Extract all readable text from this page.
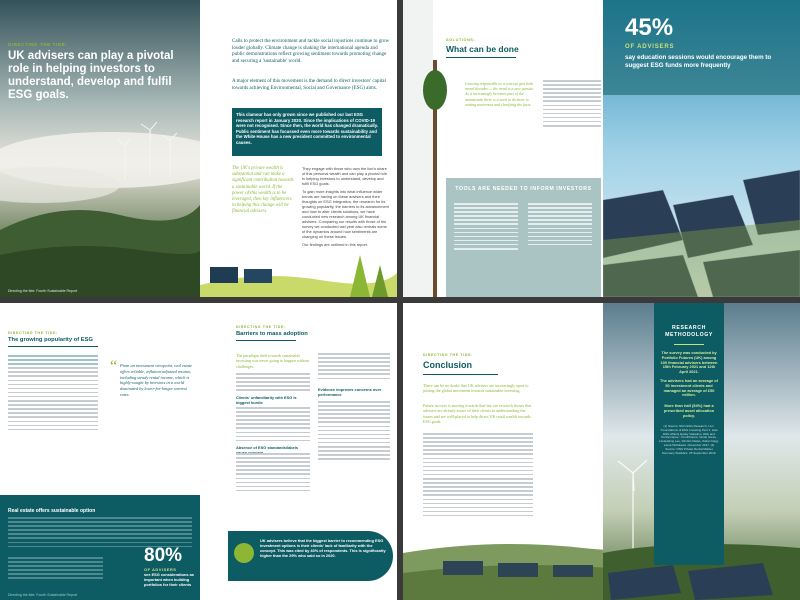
DIRECTING THE TIDE:
UK advisers can play a pivotal role in helping investors to understand, develop and fulfil ESG goals.
Directing the tide: Fourth Sustainable Report
Calls to protect the environment and tackle social injustices continue to grow louder globally. Climate change is shaking the international agenda and public demonstrations reflect growing sentiment towards promoting change and securing a 'sustainable' world.
A major element of this movement is the demand to direct investors' capital towards achieving Environmental, Social and Governance (ESG) aims.
This clamour has only grown since we published our last ESG research report in January 2020. Since the implications of COVID-19 were not recognised. Since then, the world has changed dramatically. Public sentiment has focussed even more towards sustainability and the White House has a new president committed to environmental causes.
The UK's private wealth is substantial and can make a significant contribution towards a sustainable world. If the power of this wealth is to be leveraged, then key influencers in helping this change will be financial advisers.
They engage with those who own the lion's share of this personal wealth and can play a pivotal role in helping investors to understand, develop and fulfil ESG goals.
To gain more insights into what influence wider trends are having on these advisers and their thoughts on ESG integration, the research for its growing popularity, the barriers to its advancement and how to alter clients solutions, we have conducted new research among UK financial advisers. Comparing our results with those of the survey we conducted last year also reveals some of the dynamics around how sentiments are changing on these issues.
Our findings are outlined in this report.
SOLUTIONS:
What can be done
Growing responsible as a concept gets both moral decades — the trend is a new pursuit. As it increasingly becomes part of the mainstream there is a need to do more in raising awareness and clarifying the facts.
TOOLS ARE NEEDED TO INFORM INVESTORS
45%
OF ADVISERS
say education sessions would encourage them to suggest ESG funds more frequently
DIRECTING THE TIDE:
The growing popularity of ESG
“ Prom an investment viewpoint, real estate offers reliable, inflation-adjusted returns, including steady rental income, which is highly-sought by investors in a world dominated by lower-for-longer interest rates.
Real estate offers sustainable option
80%
OF ADVISERS
see ESG considerations as important when building portfolios for their clients
Directing the tide: Fourth Sustainable Report
DIRECTING THE TIDE:
Barriers to mass adoption
The paradigm shift towards sustainable investing was never going to happen without challenges.
Clients' unfamiliarity with ESG is biggest hurdle
Absence of ESG standards/labels
Evidence improves concerns over performance
UK advisers believe that the biggest barrier to recommending ESG investment options is their clients' lack of familiarity with the concept. This was cited by 43% of respondents. This is significantly higher than the 29% who said so in 2020.
DIRECTING THE TIDE:
Conclusion
There can be no doubt that UK advisers are increasingly open to joining the global movement towards sustainable investing.
Future success is moving towards that but our research shows that advisers are already aware of their clients in understanding the issues and are well-placed to help direct UK retail wealth towards ESG goals.
RESEARCH METHODOLOGY
The survey was conducted by Portfolio Futures (UK) among 100 financial advisers between 15th February 2021 and 12th April 2021.
The advisers had an average of 50 investment clients and managed an average of £50 million.
More than half (54%) had a prescribed asset allocation policy.
(1) Source: NKO ESG Research, LLC. "Foundations of ESG Investing Part 1: How ESG Affects Equity Valuation, Risk and Performance." Contributors: Guido Giese, Linda-Eling Lee, Dimitris Melas, Zoltan Nagy, Laura Nishikawa. November 2017. (2) Source: ONS Private Rental Market Summary Statistics. 25 September 2019.
